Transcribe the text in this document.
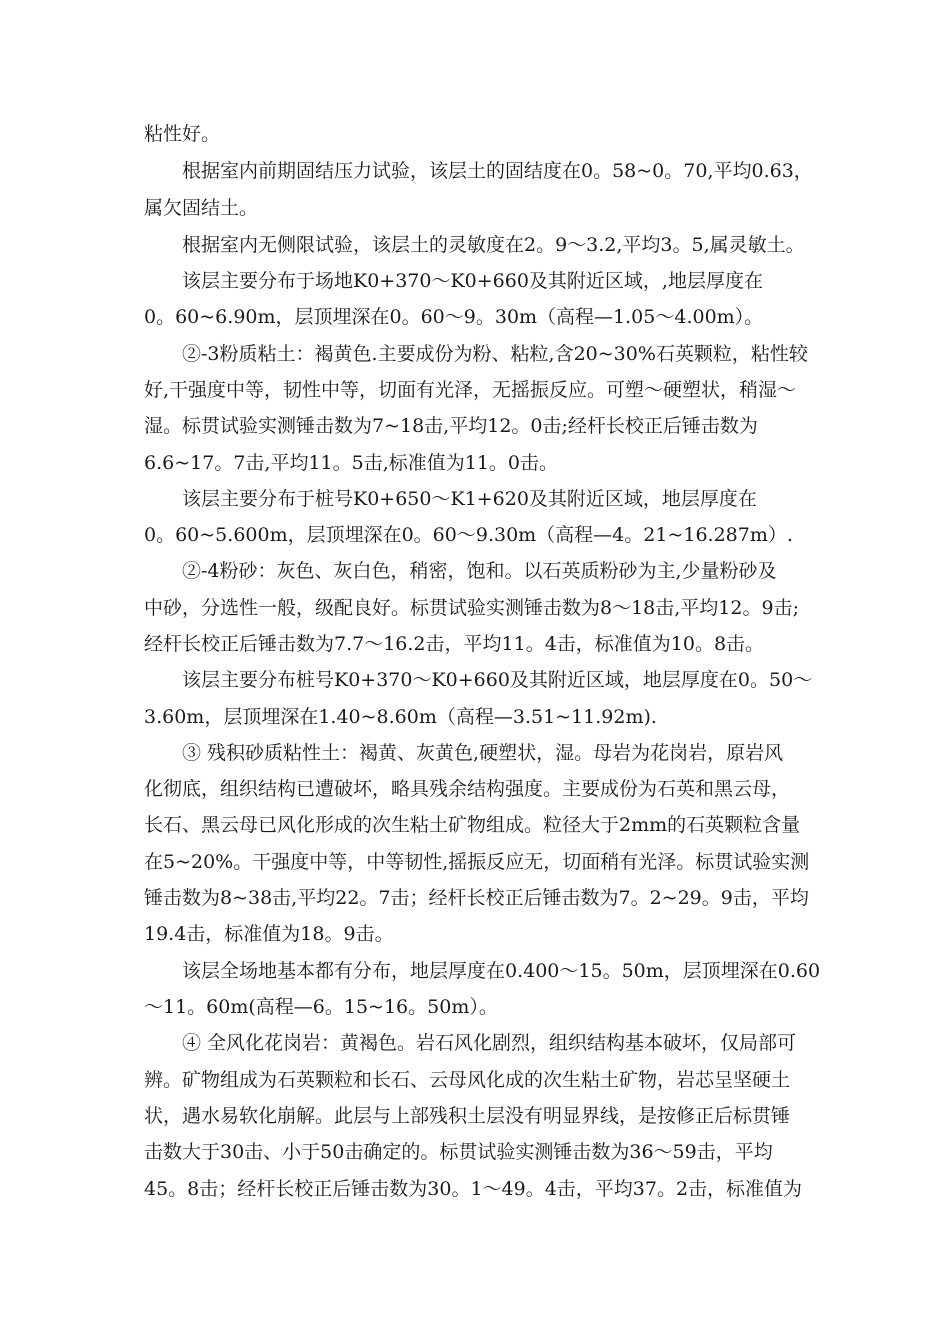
粘性好。
根据室内前期固结压力试验，该层土的固结度在0。58~0。70,平均0.63，
属欠固结土。
根据室内无侧限试验，该层土的灵敏度在2。9～3.2,平均3。5,属灵敏土。
该层主要分布于场地K0+370～K0+660及其附近区域，,地层厚度在
0。60~6.90m，层顶埋深在0。60～9。30m（高程—1.05～4.00m）。
②-3粉质粘土：褐黄色.主要成份为粉、粘粒,含20~30%石英颗粒，粘性较
好,干强度中等，韧性中等，切面有光泽，无摇振反应。可塑～硬塑状，稍湿～
湿。标贯试验实测锤击数为7~18击,平均12。0击;经杆长校正后锤击数为
6.6~17。7击,平均11。5击,标准值为11。0击。
该层主要分布于桩号K0+650～K1+620及其附近区域，地层厚度在
0。60~5.600m，层顶埋深在0。60～9.30m（高程—4。21~16.287m）.
②-4粉砂：灰色、灰白色，稍密，饱和。以石英质粉砂为主,少量粉砂及
中砂，分选性一般，级配良好。标贯试验实测锤击数为8～18击,平均12。9击;
经杆长校正后锤击数为7.7～16.2击，平均11。4击，标准值为10。8击。
该层主要分布桩号K0+370～K0+660及其附近区域，地层厚度在0。50～
3.60m，层顶埋深在1.40~8.60m（高程—3.51~11.92m).
③ 残积砂质粘性土：褐黄、灰黄色,硬塑状，湿。母岩为花岗岩，原岩风
化彻底，组织结构已遭破坏，略具残余结构强度。主要成份为石英和黑云母，
长石、黑云母已风化形成的次生粘土矿物组成。粒径大于2mm的石英颗粒含量
在5~20%。干强度中等，中等韧性,摇振反应无，切面稍有光泽。标贯试验实测
锤击数为8~38击,平均22。7击；经杆长校正后锤击数为7。2~29。9击，平均
19.4击，标准值为18。9击。
该层全场地基本都有分布，地层厚度在0.400～15。50m，层顶埋深在0.60
～11。60m(高程—6。15~16。50m）。
④ 全风化花岗岩：黄褐色。岩石风化剧烈，组织结构基本破坏，仅局部可
辨。矿物组成为石英颗粒和长石、云母风化成的次生粘土矿物，岩芯呈坚硬土
状，遇水易软化崩解。此层与上部残积土层没有明显界线，是按修正后标贯锤
击数大于30击、小于50击确定的。标贯试验实测锤击数为36～59击，平均
45。8击；经杆长校正后锤击数为30。1～49。4击，平均37。2击，标准值为
